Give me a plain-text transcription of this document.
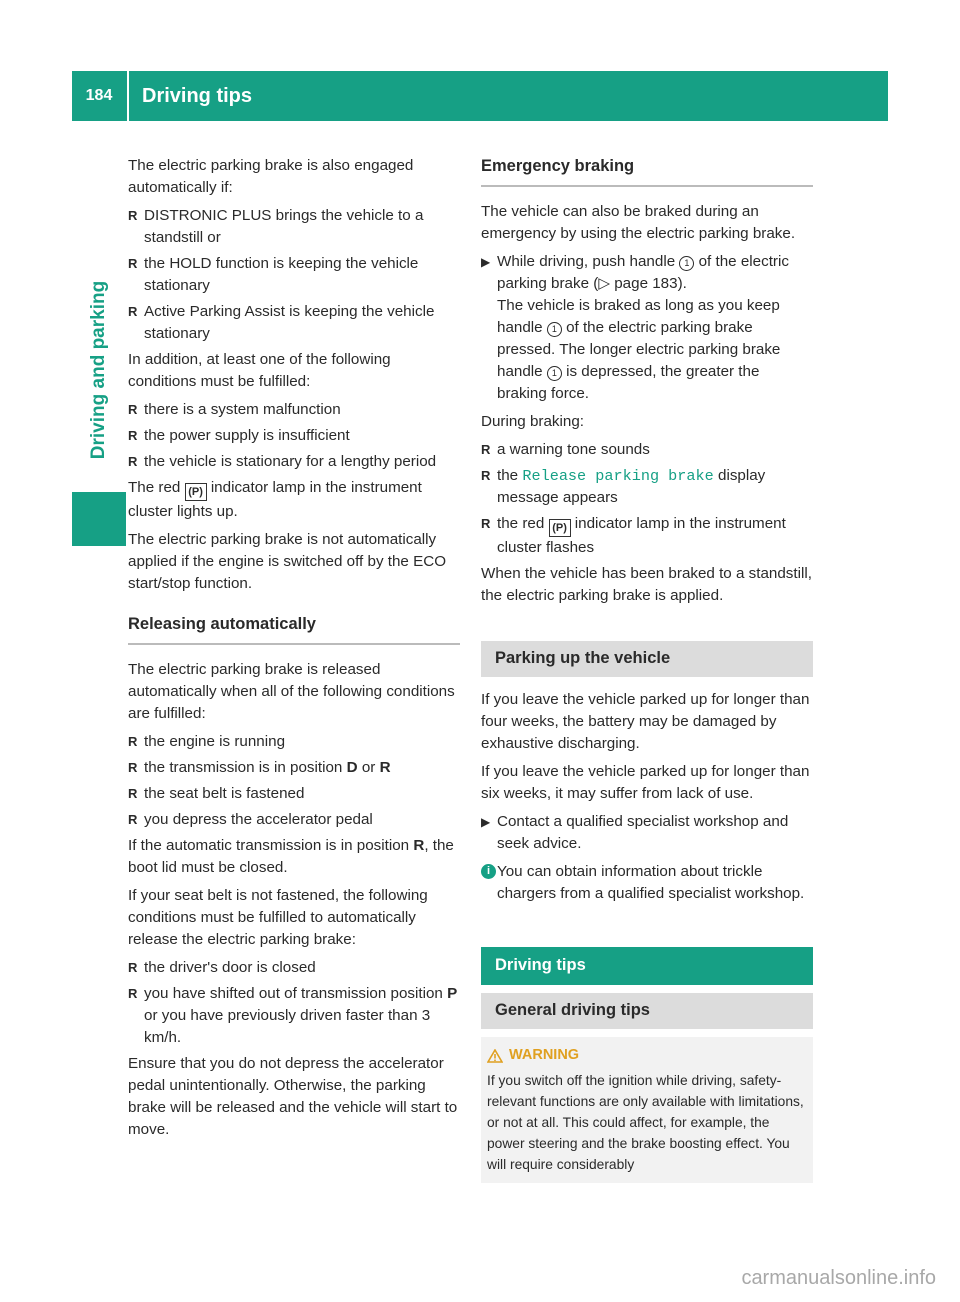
184	Driving tips
Driving and parking

The electric parking brake is also engaged automatically if:

R DISTRONIC PLUS brings the vehicle to a standstill or
R the HOLD function is keeping the vehicle stationary
R Active Parking Assist is keeping the vehicle stationary

In addition, at least one of the following conditions must be fulfilled:

R there is a system malfunction
R the power supply is insufficient
R the vehicle is stationary for a lengthy period

The red (P) indicator lamp in the instrument cluster lights up.

The electric parking brake is not automatically applied if the engine is switched off by the ECO start/stop function.

Releasing automatically

The electric parking brake is released automatically when all of the following conditions are fulfilled:

R the engine is running
R the transmission is in position D or R
R the seat belt is fastened
R you depress the accelerator pedal

If the automatic transmission is in position R, the boot lid must be closed.

If your seat belt is not fastened, the following conditions must be fulfilled to automatically release the electric parking brake:

R the driver's door is closed
R you have shifted out of transmission position P or you have previously driven faster than 3 km/h.

Ensure that you do not depress the accelerator pedal unintentionally. Otherwise, the parking brake will be released and the vehicle will start to move.

Emergency braking

The vehicle can also be braked during an emergency by using the electric parking brake.

▶ While driving, push handle 1 of the electric parking brake (▷ page 183).
The vehicle is braked as long as you keep handle 1 of the electric parking brake pressed. The longer electric parking brake handle 1 is depressed, the greater the braking force.

During braking:

R a warning tone sounds
R the Release parking brake display message appears
R the red (P) indicator lamp in the instrument cluster flashes

When the vehicle has been braked to a standstill, the electric parking brake is applied.

Parking up the vehicle

If you leave the vehicle parked up for longer than four weeks, the battery may be damaged by exhaustive discharging.

If you leave the vehicle parked up for longer than six weeks, it may suffer from lack of use.

▶ Contact a qualified specialist workshop and seek advice.
i You can obtain information about trickle chargers from a qualified specialist workshop.
Driving tips
General driving tips
WARNING
If you switch off the ignition while driving, safety-relevant functions are only available with limitations, or not at all. This could affect, for example, the power steering and the brake boosting effect. You will require considerably
carmanualsonline.info
